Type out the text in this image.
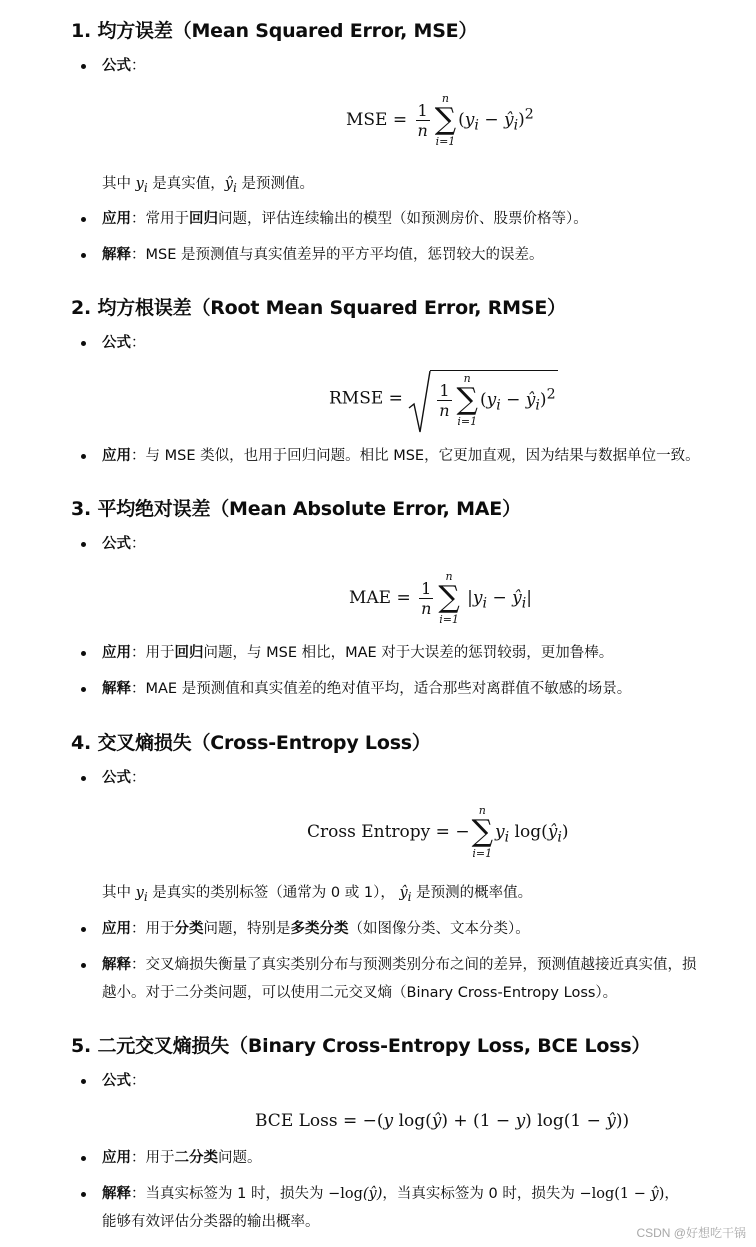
1. 均方误差（Mean Squared Error, MSE）
公式：
MSE = $\frac{1}{n}$
n
∑
i=1
($y_i$ − $ŷ_i)^2$
其中 $y_i$ 是真实值，$ŷ_i$ 是预测值。
应用：常用于回归问题，评估连续输出的模型（如预测房价、股票价格等）。
解释：MSE 是预测值与真实值差异的平方平均值，惩罚较大的误差。
2. 均方根误差（Root Mean Squared Error, RMSE）
公式：
RMSE = $\frac{1}{n}$
n
∑
i=1
($y_i$ − $ŷ_i)^2$
应用：与 MSE 类似，也用于回归问题。相比 MSE，它更加直观，因为结果与数据单位一致。
3. 平均绝对误差（Mean Absolute Error, MAE）
公式：
MAE = $\frac{1}{n}$
n
∑
i=1
$|y_i$ − $ŷ_i|$
应用：用于回归问题，与 MSE 相比，MAE 对于大误差的惩罚较弱，更加鲁棒。
解释：MAE 是预测值和真实值差的绝对值平均，适合那些对离群值不敏感的场景。
4. 交叉熵损失（Cross-Entropy Loss）
公式：
Cross Entropy = −
n
∑
i=1
$y_i$ $\log(ŷ_i)$
其中 $y_i$ 是真实的类别标签（通常为 0 或 1）， $ŷ_i$ 是预测的概率值。
应用：用于分类问题，特别是多类分类（如图像分类、文本分类）。
解释：交叉熵损失衡量了真实类别分布与预测类别分布之间的差异，预测值越接近真实值，损
越小。对于二分类问题，可以使用二元交叉熵（Binary Cross-Entropy Loss）。
5. 二元交叉熵损失（Binary Cross-Entropy Loss, BCE Loss）
公式：
BCE Loss = −(y log(ŷ) + (1 − y) log(1 − ŷ))
应用：用于二分类问题。
解释：当真实标签为 1 时，损失为 −log(ŷ)，当真实标签为 0 时，损失为 −log(1 − ŷ)，
能够有效评估分类器的输出概率。
CSDN @好想吃干锅
